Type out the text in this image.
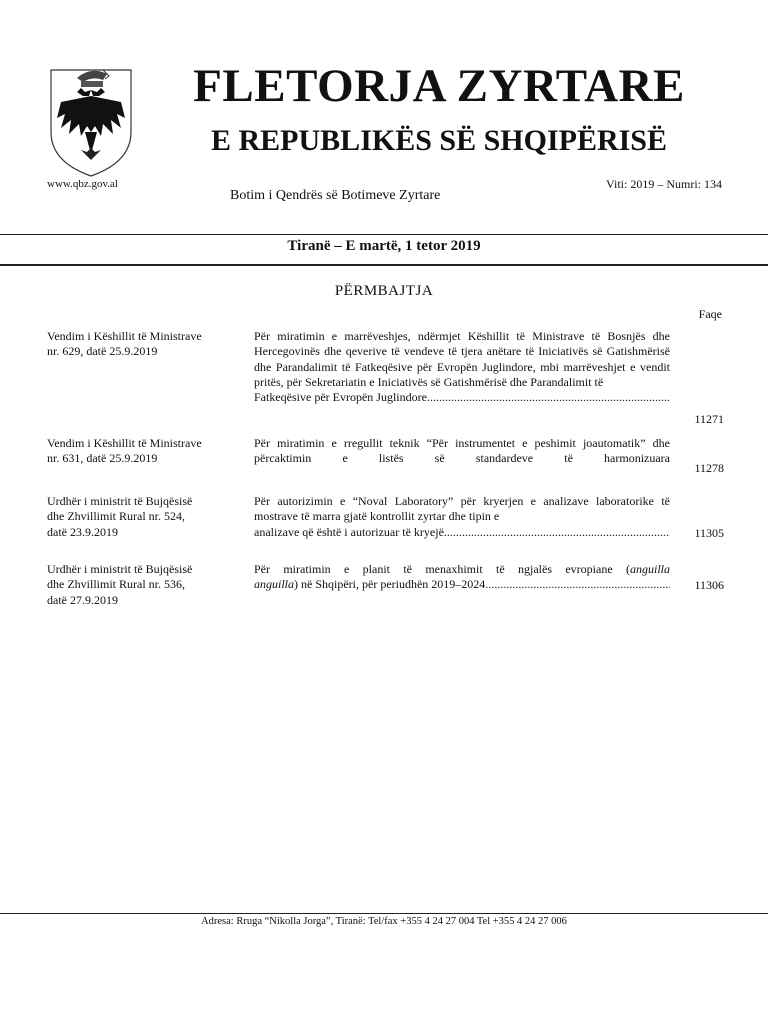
FLETORJA ZYRTARE
E REPUBLIKËS SË SHQIPËRISË
www.qbz.gov.al
Botim i Qendrës së Botimeve Zyrtare
Viti: 2019 – Numri: 134
Tiranë – E martë, 1 tetor 2019
PËRMBAJTJA
Faqe
Vendim i Këshillit të Ministrave
nr. 629, datë 25.9.2019
Për miratimin e marrëveshjes, ndërmjet Këshillit të Ministrave të Bosnjës dhe Hercegovinës dhe qeverive të vendeve të tjera anëtare të Iniciativës së Gatishmërisë dhe Parandalimit të Fatkeqësive për Evropën Juglindore, mbi marrëveshjet e vendit pritës, për Sekretariatin e Iniciativës së Gatishmërisë dhe Parandalimit të
Fatkeqësive për Evropën Juglindore
.....
11271
Vendim i Këshillit të Ministrave
nr. 631, datë 25.9.2019
Për miratimin e rregullit teknik “Për instrumentet e peshimit joautomatik” dhe përcaktimin e listës së standardeve të harmonizuara
11278
Urdhër i ministrit të Bujqësisë
dhe Zhvillimit Rural nr. 524,
datë 23.9.2019
Për autorizimin e “Noval Laboratory” për kryerjen e analizave laboratorike të mostrave të marra gjatë kontrollit zyrtar dhe tipin e
analizave që është i autorizuar të kryejë .....	11305
Urdhër i ministrit të Bujqësisë
dhe Zhvillimit Rural nr. 536,
datë 27.9.2019
Për miratimin e planit të menaxhimit të ngjalës evropiane (anguilla
anguilla) në Shqipëri, për periudhën 2019–2024 .....	11306
Adresa: Rruga “Nikolla Jorga”, Tiranë: Tel/fax +355 4 24 27 004 Tel +355 4 24 27 006
